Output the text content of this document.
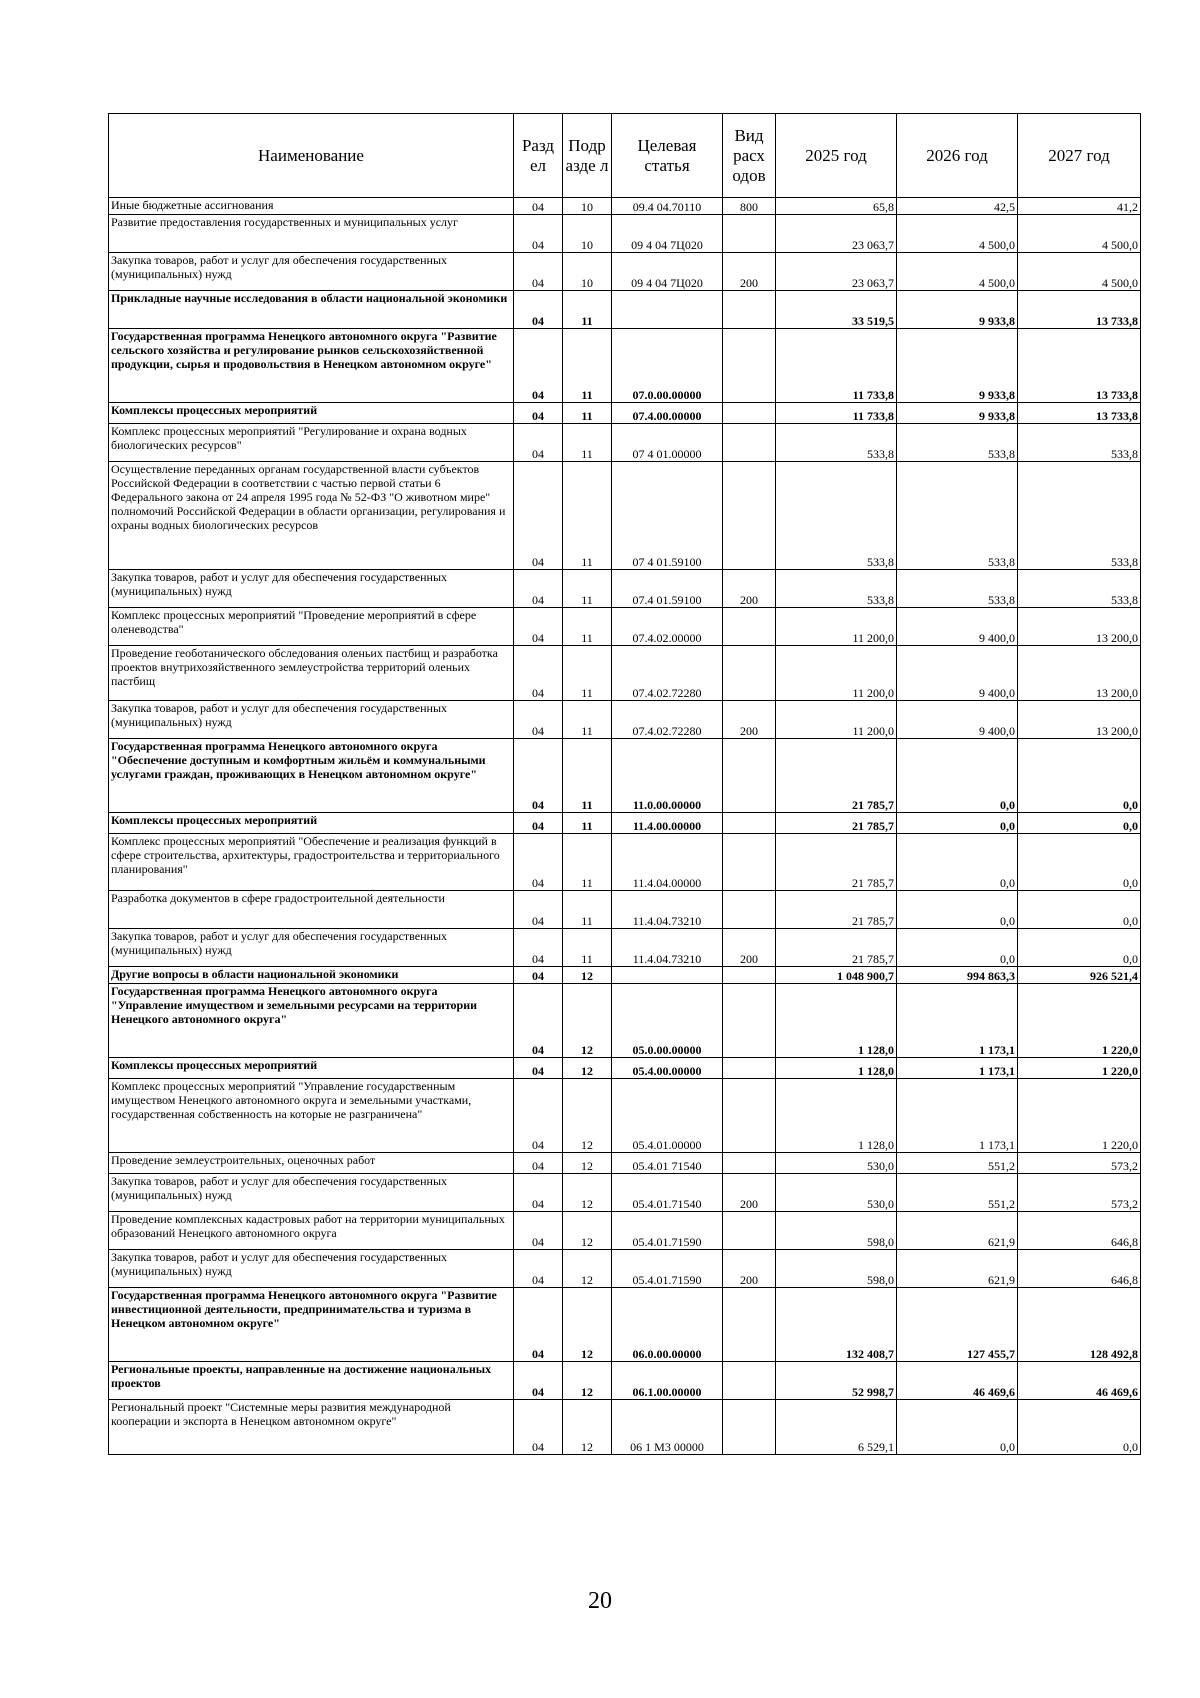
Наименование	Разд ел	Подр азде л	Целевая статья	Вид расх одов	2025 год	2026 год	2027 год
Иные бюджетные ассигнования	04	10	09.4 04.70110	800	65,8	42,5	41,2
Развитие предоставления государственных и муниципальных услуг	04	10	09 4 04 7Ц020		23 063,7	4 500,0	4 500,0
Закупка товаров, работ и услуг для обеспечения государственных (муниципальных) нужд	04	10	09 4 04 7Ц020	200	23 063,7	4 500,0	4 500,0
Прикладные научные исследования в области национальной экономики	04	11			33 519,5	9 933,8	13 733,8
Государственная программа Ненецкого автономного округа "Развитие сельского хозяйства и регулирование рынков сельскохозяйственной продукции, сырья и продовольствия в Ненецком автономном округе"	04	11	07.0.00.00000		11 733,8	9 933,8	13 733,8
Комплексы процессных мероприятий	04	11	07.4.00.00000		11 733,8	9 933,8	13 733,8
Комплекс процессных мероприятий "Регулирование и охрана водных биологических ресурсов"	04	11	07 4 01.00000		533,8	533,8	533,8
Осуществление переданных органам государственной власти субъектов Российской Федерации в соответствии с частью первой статьи 6 Федерального закона от 24 апреля 1995 года № 52-ФЗ "О животном мире" полномочий Российской Федерации в области организации, регулирования и охраны водных биологических ресурсов	04	11	07 4 01.59100		533,8	533,8	533,8
Закупка товаров, работ и услуг для обеспечения государственных (муниципальных) нужд	04	11	07.4 01.59100	200	533,8	533,8	533,8
Комплекс процессных мероприятий "Проведение мероприятий в сфере оленеводства"	04	11	07.4.02.00000		11 200,0	9 400,0	13 200,0
Проведение геоботанического обследования оленьих пастбищ и разработка проектов внутрихозяйственного землеустройства территорий оленьих пастбищ	04	11	07.4.02.72280		11 200,0	9 400,0	13 200,0
Закупка товаров, работ и услуг для обеспечения государственных (муниципальных) нужд	04	11	07.4.02.72280	200	11 200,0	9 400,0	13 200,0
Государственная программа Ненецкого автономного округа "Обеспечение доступным и комфортным жильём и коммунальными услугами граждан, проживающих в Ненецком автономном округе"	04	11	11.0.00.00000		21 785,7	0,0	0,0
Комплексы процессных мероприятий	04	11	11.4.00.00000		21 785,7	0,0	0,0
Комплекс процессных мероприятий "Обеспечение и реализация функций в сфере строительства, архитектуры, градостроительства и территориального планирования"	04	11	11.4.04.00000		21 785,7	0,0	0,0
Разработка документов в сфере градостроительной деятельности	04	11	11.4.04.73210		21 785,7	0,0	0,0
Закупка товаров, работ и услуг для обеспечения государственных (муниципальных) нужд	04	11	11.4.04.73210	200	21 785,7	0,0	0,0
Другие вопросы в области национальной экономики	04	12			1 048 900,7	994 863,3	926 521,4
Государственная программа Ненецкого автономного округа "Управление имуществом и земельными ресурсами на территории Ненецкого автономного округа"	04	12	05.0.00.00000		1 128,0	1 173,1	1 220,0
Комплексы процессных мероприятий	04	12	05.4.00.00000		1 128,0	1 173,1	1 220,0
Комплекс процессных мероприятий "Управление государственным имуществом Ненецкого автономного округа и земельными участками, государственная собственность на которые не разграничена"	04	12	05.4.01.00000		1 128,0	1 173,1	1 220,0
Проведение землеустроительных, оценочных работ	04	12	05.4.01 71540		530,0	551,2	573,2
Закупка товаров, работ и услуг для обеспечения государственных (муниципальных) нужд	04	12	05.4.01.71540	200	530,0	551,2	573,2
Проведение комплексных кадастровых работ на территории муниципальных образований Ненецкого автономного округа	04	12	05.4.01.71590		598,0	621,9	646,8
Закупка товаров, работ и услуг для обеспечения государственных (муниципальных) нужд	04	12	05.4.01.71590	200	598,0	621,9	646,8
Государственная программа Ненецкого автономного округа "Развитие инвестиционной деятельности, предпринимательства и туризма в Ненецком автономном округе"	04	12	06.0.00.00000		132 408,7	127 455,7	128 492,8
Региональные проекты, направленные на достижение национальных проектов	04	12	06.1.00.00000		52 998,7	46 469,6	46 469,6
Региональный проект "Системные меры развития международной кооперации и экспорта в Ненецком автономном округе"	04	12	06 1 М3 00000		6 529,1	0,0	0,0
20
